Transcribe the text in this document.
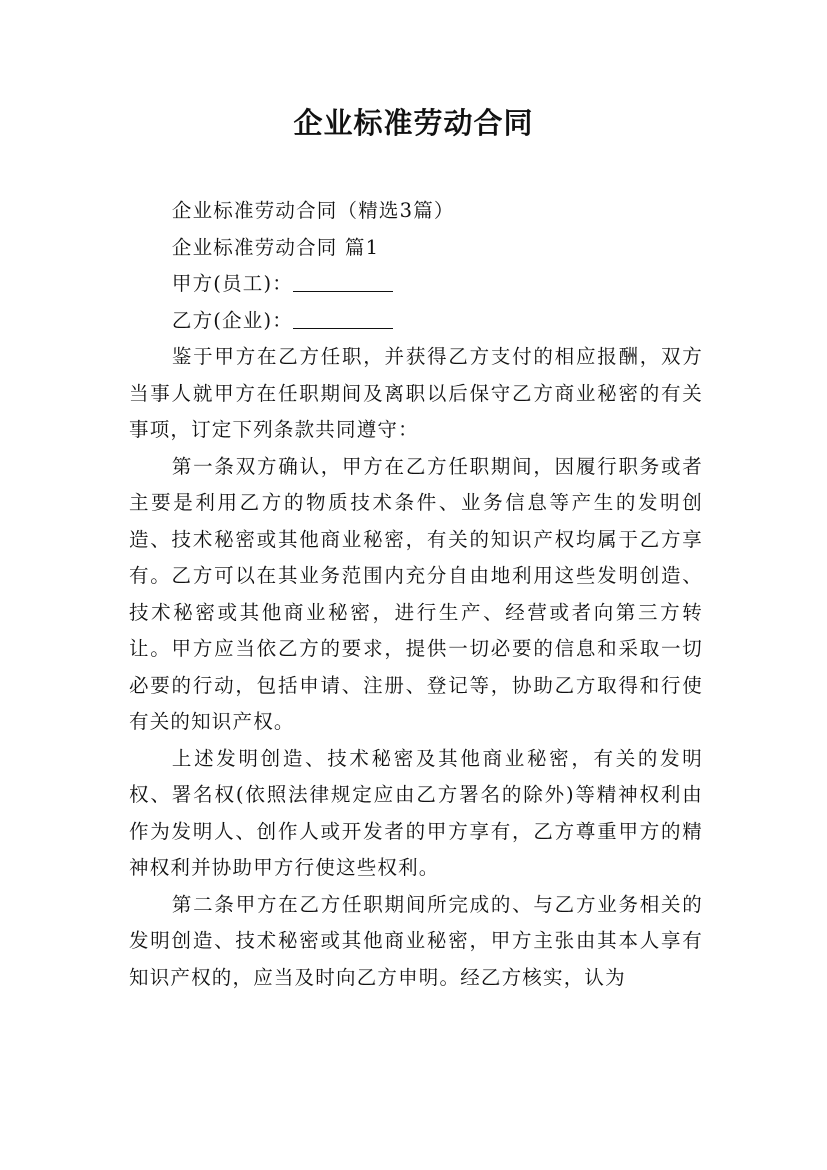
企业标准劳动合同

企业标准劳动合同（精选3篇）

企业标准劳动合同 篇1

甲方(员工)：

乙方(企业)：

鉴于甲方在乙方任职，并获得乙方支付的相应报酬，双方当事人就甲方在任职期间及离职以后保守乙方商业秘密的有关事项，订定下列条款共同遵守：

第一条双方确认，甲方在乙方任职期间，因履行职务或者主要是利用乙方的物质技术条件、业务信息等产生的发明创造、技术秘密或其他商业秘密，有关的知识产权均属于乙方享有。乙方可以在其业务范围内充分自由地利用这些发明创造、技术秘密或其他商业秘密，进行生产、经营或者向第三方转让。甲方应当依乙方的要求，提供一切必要的信息和采取一切必要的行动，包括申请、注册、登记等，协助乙方取得和行使有关的知识产权。

上述发明创造、技术秘密及其他商业秘密，有关的发明权、署名权(依照法律规定应由乙方署名的除外)等精神权利由作为发明人、创作人或开发者的甲方享有，乙方尊重甲方的精神权利并协助甲方行使这些权利。

第二条甲方在乙方任职期间所完成的、与乙方业务相关的发明创造、技术秘密或其他商业秘密，甲方主张由其本人享有知识产权的，应当及时向乙方申明。经乙方核实，认为
